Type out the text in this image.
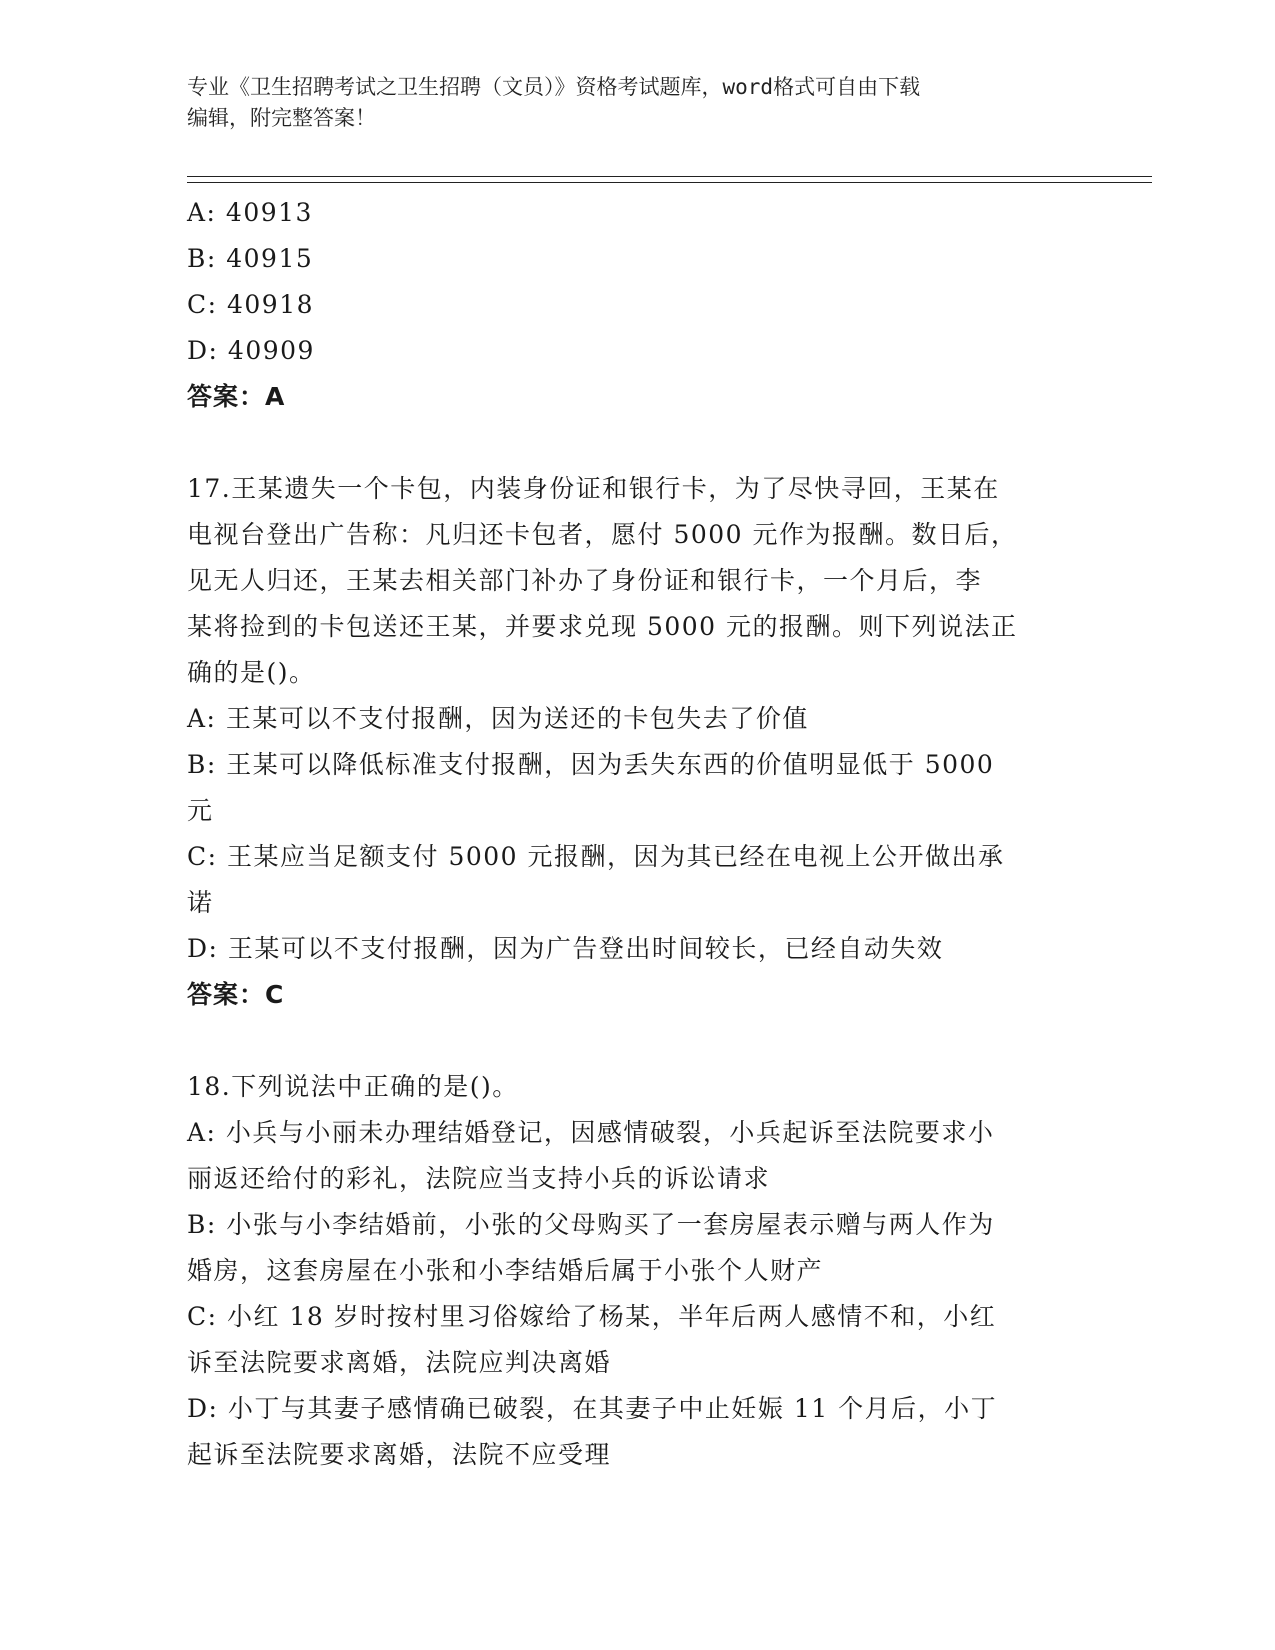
专业《卫生招聘考试之卫生招聘（文员）》资格考试题库，word格式可自由下载
编辑，附完整答案！
A: 40913
B: 40915
C: 40918
D: 40909
答案：A
17.王某遗失一个卡包，内装身份证和银行卡，为了尽快寻回，王某在
电视台登出广告称：凡归还卡包者，愿付 5000 元作为报酬。数日后，
见无人归还，王某去相关部门补办了身份证和银行卡，一个月后，李
某将捡到的卡包送还王某，并要求兑现 5000 元的报酬。则下列说法正
确的是()。
A: 王某可以不支付报酬，因为送还的卡包失去了价值
B: 王某可以降低标准支付报酬，因为丢失东西的价值明显低于 5000
元
C: 王某应当足额支付 5000 元报酬，因为其已经在电视上公开做出承
诺
D: 王某可以不支付报酬，因为广告登出时间较长，已经自动失效
答案：C
18.下列说法中正确的是()。
A: 小兵与小丽未办理结婚登记，因感情破裂，小兵起诉至法院要求小
丽返还给付的彩礼，法院应当支持小兵的诉讼请求
B: 小张与小李结婚前，小张的父母购买了一套房屋表示赠与两人作为
婚房，这套房屋在小张和小李结婚后属于小张个人财产
C: 小红 18 岁时按村里习俗嫁给了杨某，半年后两人感情不和，小红
诉至法院要求离婚，法院应判决离婚
D: 小丁与其妻子感情确已破裂，在其妻子中止妊娠 11 个月后，小丁
起诉至法院要求离婚，法院不应受理
